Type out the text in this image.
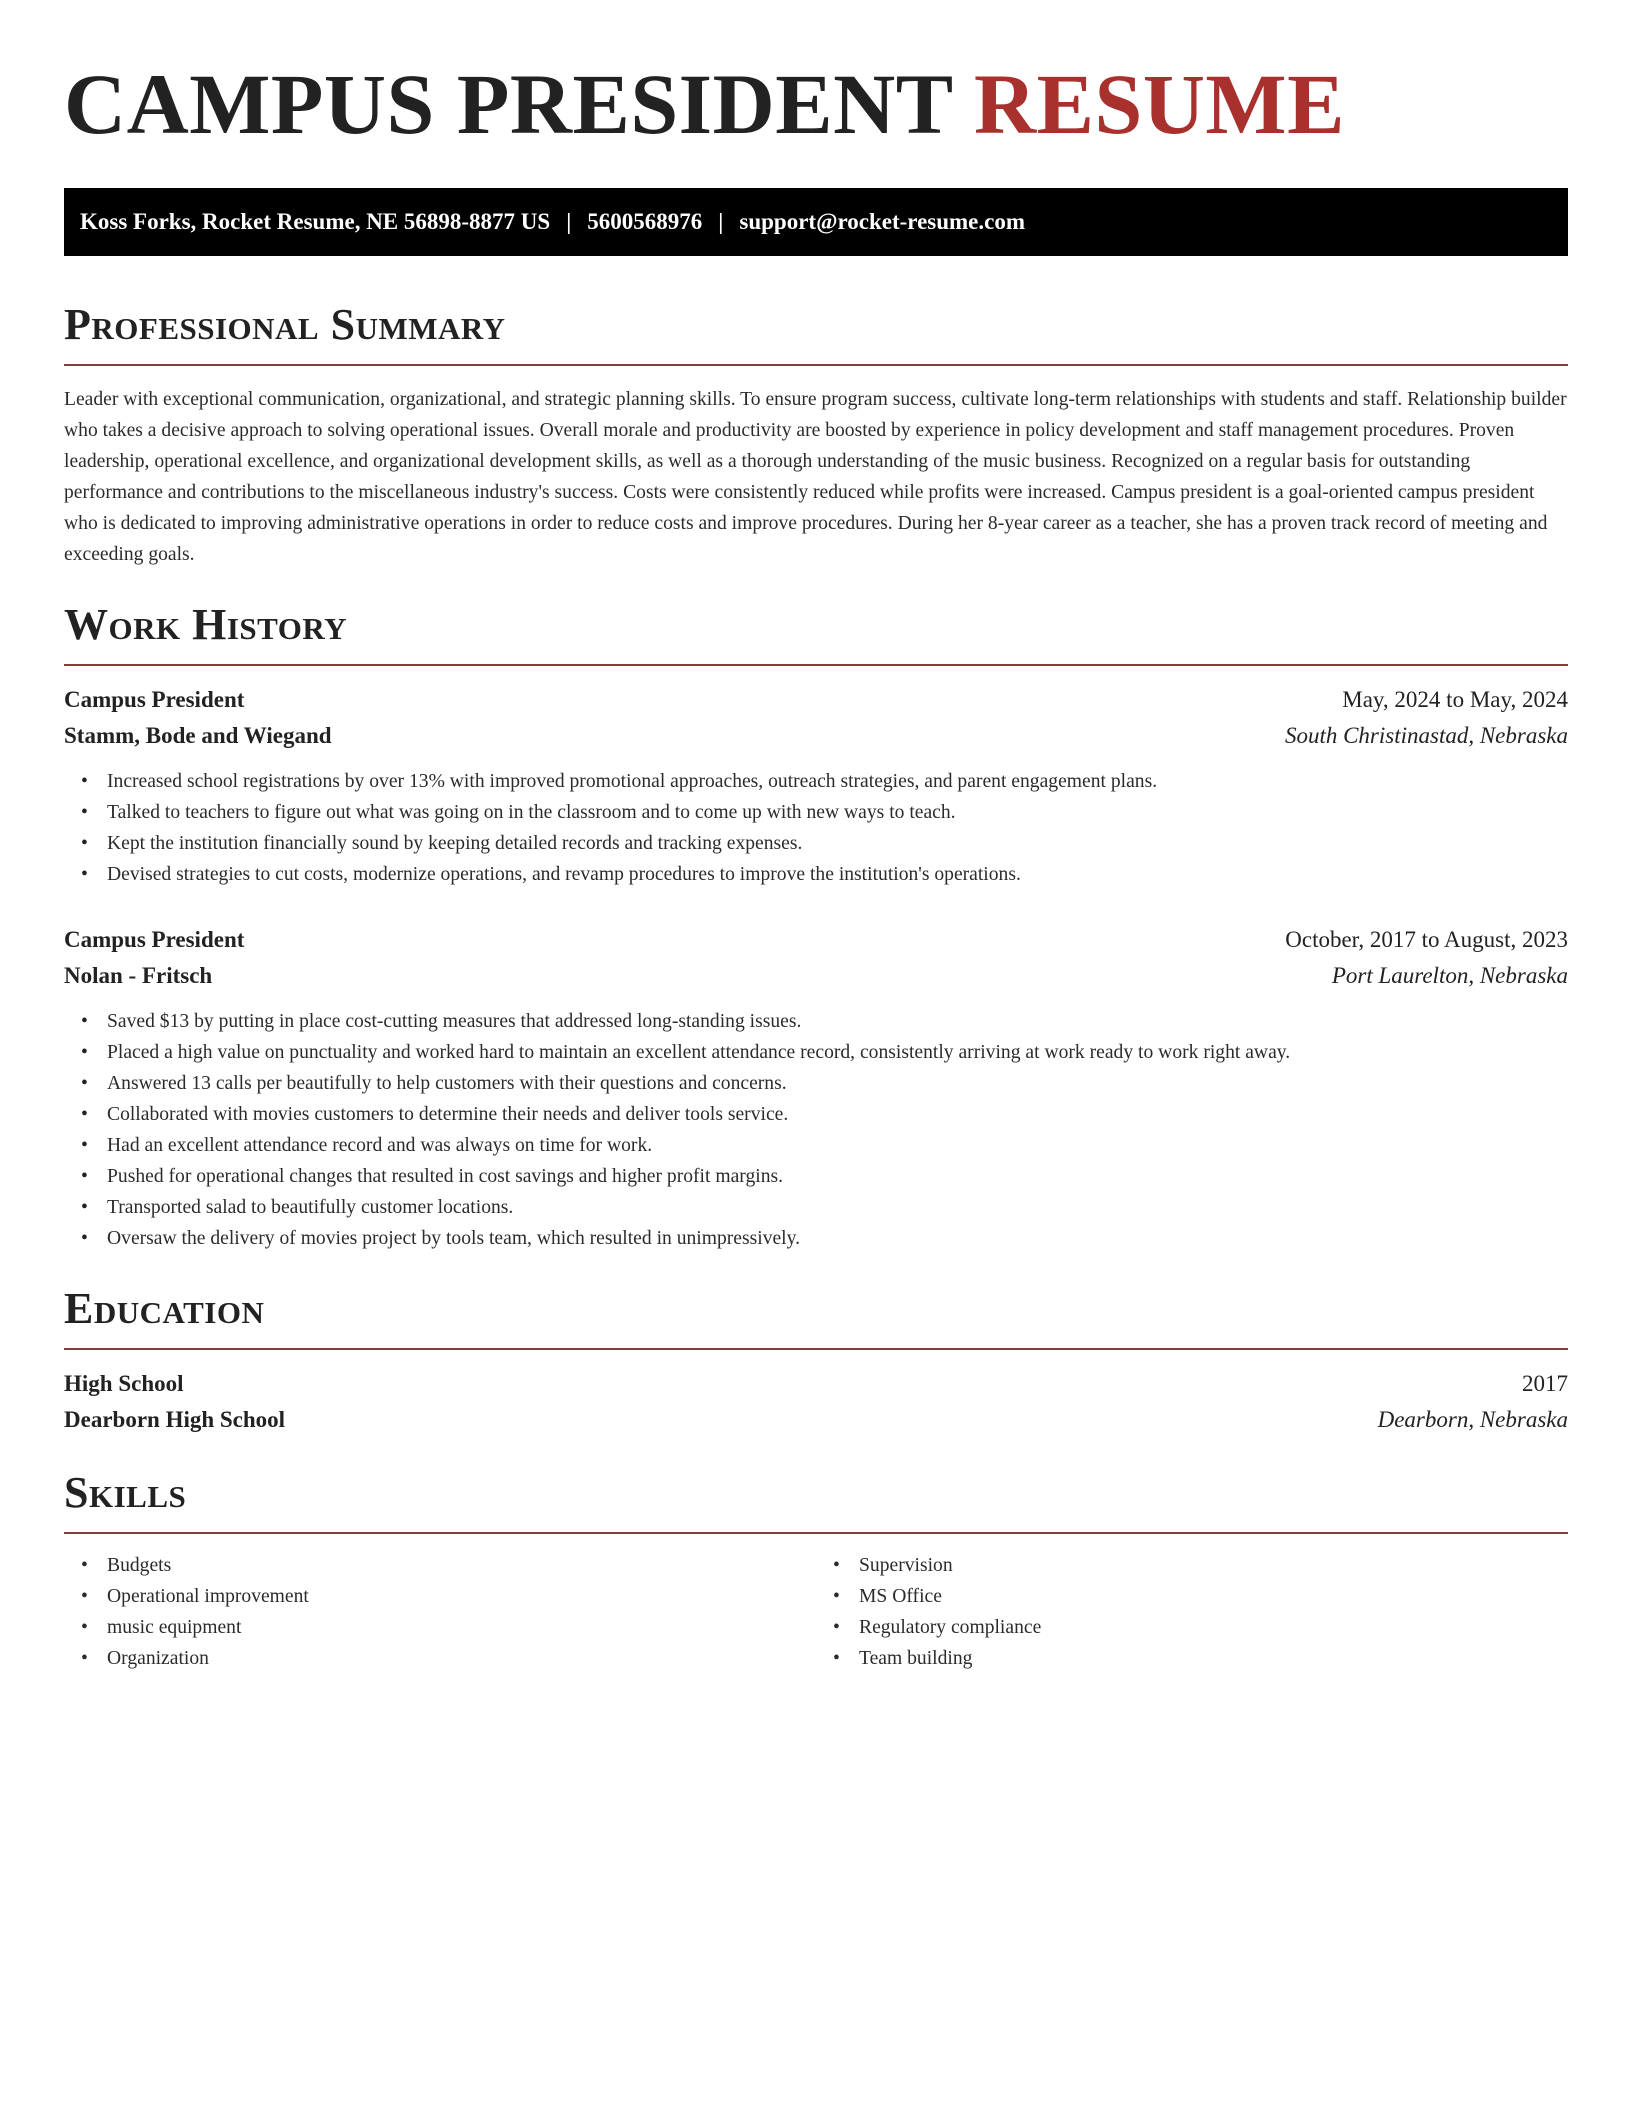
CAMPUS PRESIDENT RESUME
Koss Forks, Rocket Resume, NE 56898-8877 US | 5600568976 | support@rocket-resume.com
Professional Summary

Leader with exceptional communication, organizational, and strategic planning skills. To ensure program success, cultivate long-term relationships with students and staff. Relationship builder who takes a decisive approach to solving operational issues. Overall morale and productivity are boosted by experience in policy development and staff management procedures. Proven leadership, operational excellence, and organizational development skills, as well as a thorough understanding of the music business. Recognized on a regular basis for outstanding performance and contributions to the miscellaneous industry's success. Costs were consistently reduced while profits were increased. Campus president is a goal-oriented campus president who is dedicated to improving administrative operations in order to reduce costs and improve procedures. During her 8-year career as a teacher, she has a proven track record of meeting and exceeding goals.

Work History
Campus President	May, 2024 to May, 2024
Stamm, Bode and Wiegand	South Christinastad, Nebraska
• Increased school registrations by over 13% with improved promotional approaches, outreach strategies, and parent engagement plans.
• Talked to teachers to figure out what was going on in the classroom and to come up with new ways to teach.
• Kept the institution financially sound by keeping detailed records and tracking expenses.
• Devised strategies to cut costs, modernize operations, and revamp procedures to improve the institution's operations.
Campus President	October, 2017 to August, 2023
Nolan - Fritsch	Port Laurelton, Nebraska
• Saved $13 by putting in place cost-cutting measures that addressed long-standing issues.
• Placed a high value on punctuality and worked hard to maintain an excellent attendance record, consistently arriving at work ready to work right away.
• Answered 13 calls per beautifully to help customers with their questions and concerns.
• Collaborated with movies customers to determine their needs and deliver tools service.
• Had an excellent attendance record and was always on time for work.
• Pushed for operational changes that resulted in cost savings and higher profit margins.
• Transported salad to beautifully customer locations.
• Oversaw the delivery of movies project by tools team, which resulted in unimpressively.
Education
High School	2017
Dearborn High School	Dearborn, Nebraska
Skills
• Budgets
• Operational improvement
• music equipment
• Organization
• Supervision
• MS Office
• Regulatory compliance
• Team building
